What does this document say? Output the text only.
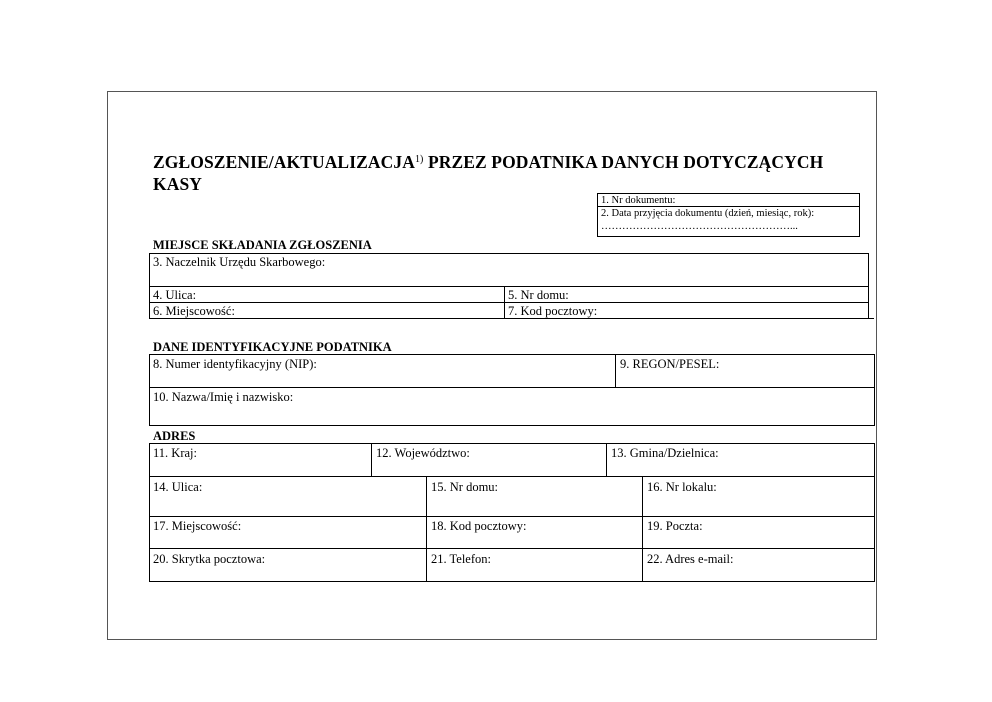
ZGŁOSZENIE/AKTUALIZACJA$^{1)}$ PRZEZ PODATNIKA DANYCH DOTYCZĄCYCH
KASY
1. Nr dokumentu:
2. Data przyjęcia dokumentu (dzień, miesiąc, rok):
………………………………………………...
MIEJSCE SKŁADANIA ZGŁOSZENIA
3. Naczelnik Urzędu Skarbowego:
4. Ulica:	5. Nr domu:
6. Miejscowość:	7. Kod pocztowy:
DANE IDENTYFIKACYJNE PODATNIKA
8. Numer identyfikacyjny (NIP):	9. REGON/PESEL:
10. Nazwa/Imię i nazwisko:
ADRES
11. Kraj:	12. Województwo:	13. Gmina/Dzielnica:
14. Ulica:	15. Nr domu:	16. Nr lokalu:
17. Miejscowość:	18. Kod pocztowy:	19. Poczta:
20. Skrytka pocztowa:	21. Telefon:	22. Adres e-mail:
